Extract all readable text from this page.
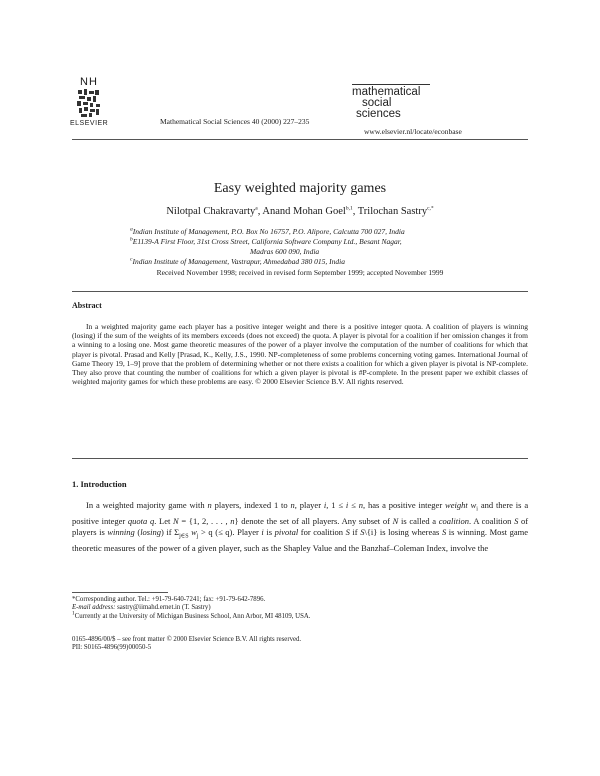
NH
ELSEVIER	Mathematical Social Sciences 40 (2000) 227–235
mathematical
social
sciences
www.elsevier.nl/locate/econbase
Easy weighted majority games
Nilotpal Chakravarty$^a$, Anand Mohan Goel$^{b,1}$, Trilochan Sastry$^{c,*}$
$^a$Indian Institute of Management, P.O. Box No 16757, P.O. Alipore, Calcutta 700 027, India
$^b$E1139-A First Floor, 31st Cross Street, California Software Company Ltd., Besant Nagar,
Madras 600 090, India
$^c$Indian Institute of Management, Vastrapur, Ahmedabad 380 015, India
Received November 1998; received in revised form September 1999; accepted November 1999
Abstract
In a weighted majority game each player has a positive integer weight and there is a positive integer quota. A coalition of players is winning (losing) if the sum of the weights of its members exceeds (does not exceed) the quota. A player is pivotal for a coalition if her omission changes it from a winning to a losing one. Most game theoretic measures of the power of a player involve the computation of the number of coalitions for which that player is pivotal. Prasad and Kelly [Prasad, K., Kelly, J.S., 1990. NP-completeness of some problems concerning voting games. International Journal of Game Theory 19, 1–9] prove that the problem of determining whether or not there exists a coalition for which a given player is pivotal is NP-complete. They also prove that counting the number of coalitions for which a given player is pivotal is #P-complete. In the present paper we exhibit classes of weighted majority games for which these problems are easy. © 2000 Elsevier Science B.V. All rights reserved.
1. Introduction
In a weighted majority game with n players, indexed 1 to n, player i, 1 ≤ i ≤ n, has a positive integer weight $w_i$ and there is a positive integer quota q. Let N = {1, 2, . . . , n} denote the set of all players. Any subset of N is called a coalition. A coalition S of players is winning (losing) if $\Sigma_{j\in S}$ $w_j > q$ (≤ q). Player i is pivotal for coalition S if S\{i} is losing whereas S is winning. Most game theoretic measures of the power of a given player, such as the Shapley Value and the Banzhaf–Coleman Index, involve the
*Corresponding author. Tel.: +91-79-640-7241; fax: +91-79-642-7896.
E-mail address: sastry@iimahd.ernet.in (T. Sastry)
$^1$Currently at the University of Michigan Business School, Ann Arbor, MI 48109, USA.
0165-4896/00/$ – see front matter © 2000 Elsevier Science B.V. All rights reserved.
PII: S0165-4896(99)00050-5
